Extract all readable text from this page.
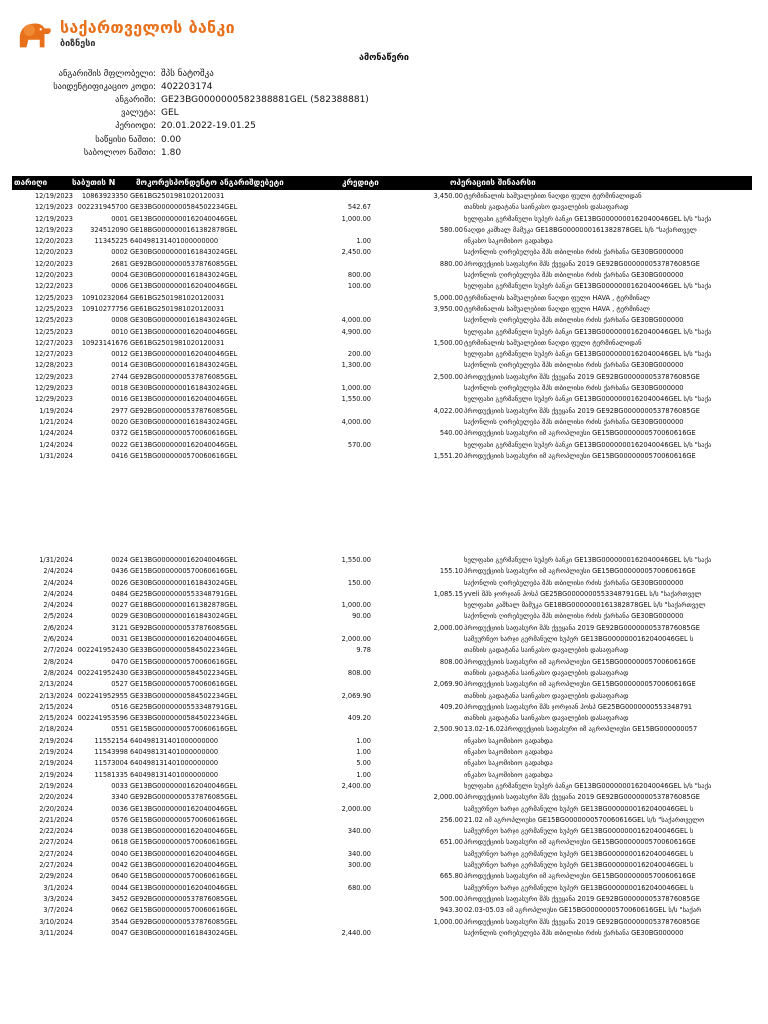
საქართველოს ბანკი
ბიზნესი
ამონაწერი
ანგარიშის მფლობელი: შპს ნატოშკა
საიდენტიფიკაციო კოდი: 402203174
ანგარიში: GE23BG0000000582388881GEL (582388881)
ვალუტა: GEL
პერიოდი: 20.01.2022-19.01.25
საწყისი ნაშთი: 0.00
საბოლოო ნაშთი: 1.80
თარიღი	საბუთის N	მოკორესპონდენტო ანგარიშდებეტი	კრედიტი	ოპერაციის შინაარსი
12/19/2023 10863923350 GE61BG2501981020120031	3,450.00 ტერმინალის საშუალებით ნაღდი ფული ტერმინალიდან
12/19/2023 002231945700 GE33BG0000000584502234GEL	542.67	თანხის გადატანა საინკასო დავალების დასაფარად
12/19/2023	0001 GE13BG0000000162040046GEL	1,000.00	ხელფასი გერმანული სუპერ ბანკი GE13BG0000000162040046GEL ს/ს "საქა
12/19/2023	324512090 GE18BG0000000161382878GEL	580.00 ნაღდი კაშხალ მამუკა GE18BG0000000161382878GEL ს/ს "საქართველ
12/20/2023	11345225 640498131401000000000	1.00	ინკასო საკომისიო გადახდა
12/20/2023	0002 GE30BG0000000161843024GEL	2,450.00	საქონლის ღირებულება შპს თბილისი რძის ქარხანა GE30BG000000
12/20/2023	2681 GE92BG0000000537876085GEL	880.00 პროდუქციის საფასური შპს ქვეყანა 2019 GE92BG0000000537876085GE
12/20/2023	0004 GE30BG0000000161843024GEL	800.00	საქონლის ღირებულება შპს თბილისი რძის ქარხანა GE30BG000000
12/22/2023	0006 GE13BG0000000162040046GEL	100.00	ხელფასი გერმანული სუპერ ბანკი GE13BG0000000162040046GEL ს/ს "საქა
12/25/2023 10910232064 GE61BG2501981020120031	5,000.00 ტერმინალის საშუალებით ნაღდი ფული HAVA , ტერმინალ
12/25/2023 10910277756 GE61BG2501981020120031	3,950.00 ტერმინალის საშუალებით ნაღდი ფული HAVA , ტერმინალ
12/25/2023	0008 GE30BG0000000161843024GEL	4,000.00	საქონლის ღირებულება შპს თბილისი რძის ქარხანა GE30BG000000
12/25/2023	0010 GE13BG0000000162040046GEL	4,900.00	ხელფასი გერმანული სუპერ ბანკი GE13BG0000000162040046GEL ს/ს "საქა
12/27/2023 10923141676 GE61BG2501981020120031	1,500.00 ტერმინალის საშუალებით ნაღდი ფული ტერმინალიდან
12/27/2023	0012 GE13BG0000000162040046GEL	200.00	ხელფასი გერმანული სუპერ ბანკი GE13BG0000000162040046GEL ს/ს "საქა
12/28/2023	0014 GE30BG0000000161843024GEL	1,300.00	საქონლის ღირებულება შპს თბილისი რძის ქარხანა GE30BG000000
12/29/2023	2744 GE92BG0000000537876085GEL	2,500.00 პროდუქციის საფასური შპს ქვეყანა 2019 GE92BG0000000537876085GE
12/29/2023	0018 GE30BG0000000161843024GEL	1,000.00	საქონლის ღირებულება შპს თბილისი რძის ქარხანა GE30BG000000
12/29/2023	0016 GE13BG0000000162040046GEL	1,550.00	ხელფასი გერმანული სუპერ ბანკი GE13BG0000000162040046GEL ს/ს "საქა
1/19/2024	2977 GE92BG0000000537876085GEL	4,022.00 პროდუქციის საფასური შპს ქვეყანა 2019 GE92BG0000000537876085GE
1/21/2024	0020 GE30BG0000000161843024GEL	4,000.00	საქონლის ღირებულება შპს თბილისი რძის ქარხანა GE30BG000000
1/24/2024	0372 GE15BG0000000570060616GEL	540.00 პროდუქციის საფასური იმ აგროპლიუსი GE15BG0000000570060616GE
1/24/2024	0022 GE13BG0000000162040046GEL	570.00	ხელფასი გერმანული სუპერ ბანკი GE13BG0000000162040046GEL ს/ს "საქა
1/31/2024	0416 GE15BG0000000570060616GEL	1,551.20 პროდუქციის საფასური იმ აგროპლიუსი GE15BG0000000570060616GE
1/31/2024	0024 GE13BG0000000162040046GEL	1,550.00	ხელფასი გერმანული სუპერ ბანკი GE13BG0000000162040046GEL ს/ს "საქა
2/4/2024	0436 GE15BG0000000570060616GEL	155.10 პროდუქციის საფასური იმ აგროპლიუსი GE15BG0000000570060616GE
2/4/2024	0026 GE30BG0000000161843024GEL	150.00	საქონლის ღირებულება შპს თბილისი რძის ქარხანა GE30BG000000
2/4/2024	0484 GE25BG0000000553348791GEL	1,085.15 yveli შპს ჯორჯიან ჰოსპ GE25BG0000000553348791GEL ს/ს "საქართველ
2/4/2024	0027 GE18BG0000000161382878GEL	1,000.00	ხელფასი კაშხალ მამუკა GE18BG0000000161382878GEL ს/ს "საქართველ
2/5/2024	0029 GE30BG0000000161843024GEL	90.00	საქონლის ღირებულება შპს თბილისი რძის ქარხანა GE30BG000000
2/6/2024	3121 GE92BG0000000537876085GEL	2,000.00 პროდუქციის საფასური შპს ქვეყანა 2019 GE92BG0000000537876085GE
2/6/2024	0031 GE13BG0000000162040046GEL	2,000.00	სამეურნეო ხარჯი გერმანული სუპერ GE13BG0000000162040046GEL ს
2/7/2024 002241952430 GE33BG0000000584502234GEL	9.78	თანხის გადატანა საინკასო დავალების დასაფარად
2/8/2024	0470 GE15BG0000000570060616GEL	808.00 პროდუქციის საფასური იმ აგროპლიუსი GE15BG0000000570060616GE
2/8/2024 002241952430 GE33BG0000000584502234GEL	808.00	თანხის გადატანა საინკასო დავალების დასაფარად
2/13/2024	0527 GE15BG0000000570060616GEL	2,069.90 პროდუქციის საფასური იმ აგროპლიუსი GE15BG0000000570060616GE
2/13/2024 002241952955 GE33BG0000000584502234GEL	2,069.90	თანხის გადატანა საინკასო დავალების დასაფარად
2/15/2024	0516 GE25BG0000000553348791GEL	409.20 პროდუქციის საფასური შპს ჯორჯიან ჰოსპ GE25BG0000000553348791
2/15/2024 002241953596 GE33BG0000000584502234GEL	409.20	თანხის გადატანა საინკასო დავალების დასაფარად
2/18/2024	0551 GE15BG0000000570060616GEL	2,500.90 13.02-16.02პროდუქციის საფასური იმ აგროპლიუსი GE15BG000000057
2/19/2024	11552154 640498131401000000000	1.00	ინკასო საკომისიო გადახდა
2/19/2024	11543998 640498131401000000000	1.00	ინკასო საკომისიო გადახდა
2/19/2024	11573004 640498131401000000000	5.00	ინკასო საკომისიო გადახდა
2/19/2024	11581335 640498131401000000000	1.00	ინკასო საკომისიო გადახდა
2/19/2024	0033 GE13BG0000000162040046GEL	2,400.00	ხელფასი გერმანული სუპერ ბანკი GE13BG0000000162040046GEL ს/ს "საქა
2/20/2024	3340 GE92BG0000000537876085GEL	2,000.00 პროდუქციის საფასური შპს ქვეყანა 2019 GE92BG0000000537876085GE
2/20/2024	0036 GE13BG0000000162040046GEL	2,000.00	სამეურნეო ხარჯი გერმანული სუპერ GE13BG0000000162040046GEL ს
2/21/2024	0576 GE15BG0000000570060616GEL	256.00 21.02 იმ აგროპლიუსი GE15BG0000000570060616GEL ს/ს "საქართველო
2/22/2024	0038 GE13BG0000000162040046GEL	340.00	სამეურნეო ხარჯი გერმანული სუპერ GE13BG0000000162040046GEL ს
2/27/2024	0618 GE15BG0000000570060616GEL	651.00 პროდუქციის საფასური იმ აგროპლიუსი GE15BG0000000570060616GE
2/27/2024	0040 GE13BG0000000162040046GEL	340.00	სამეურნეო ხარჯი გერმანული სუპერ GE13BG0000000162040046GEL ს
2/27/2024	0042 GE13BG0000000162040046GEL	300.00	სამეურნეო ხარჯი გერმანული სუპერ GE13BG0000000162040046GEL ს
2/29/2024	0640 GE15BG0000000570060616GEL	665.80 პროდუქციის საფასური იმ აგროპლიუსი GE15BG0000000570060616GE
3/1/2024	0044 GE13BG0000000162040046GEL	680.00	სამეურნეო ხარჯი გერმანული სუპერ GE13BG0000000162040046GEL ს
3/3/2024	3452 GE92BG0000000537876085GEL	500.00 პროდუქციის საფასური შპს ქვეყანა 2019 GE92BG0000000537876085GE
3/7/2024	0662 GE15BG0000000570060616GEL	943.30 02.03-05.03 იმ აგროპლიუსი GE15BG0000000570060616GEL ს/ს "საქარ
3/10/2024	3544 GE92BG0000000537876085GEL	1,000.00 პროდუქციის საფასური შპს ქვეყანა 2019 GE92BG0000000537876085GE
3/11/2024	0047 GE30BG0000000161843024GEL	2,440.00	საქონლის ღირებულება შპს თბილისი რძის ქარხანა GE30BG000000
